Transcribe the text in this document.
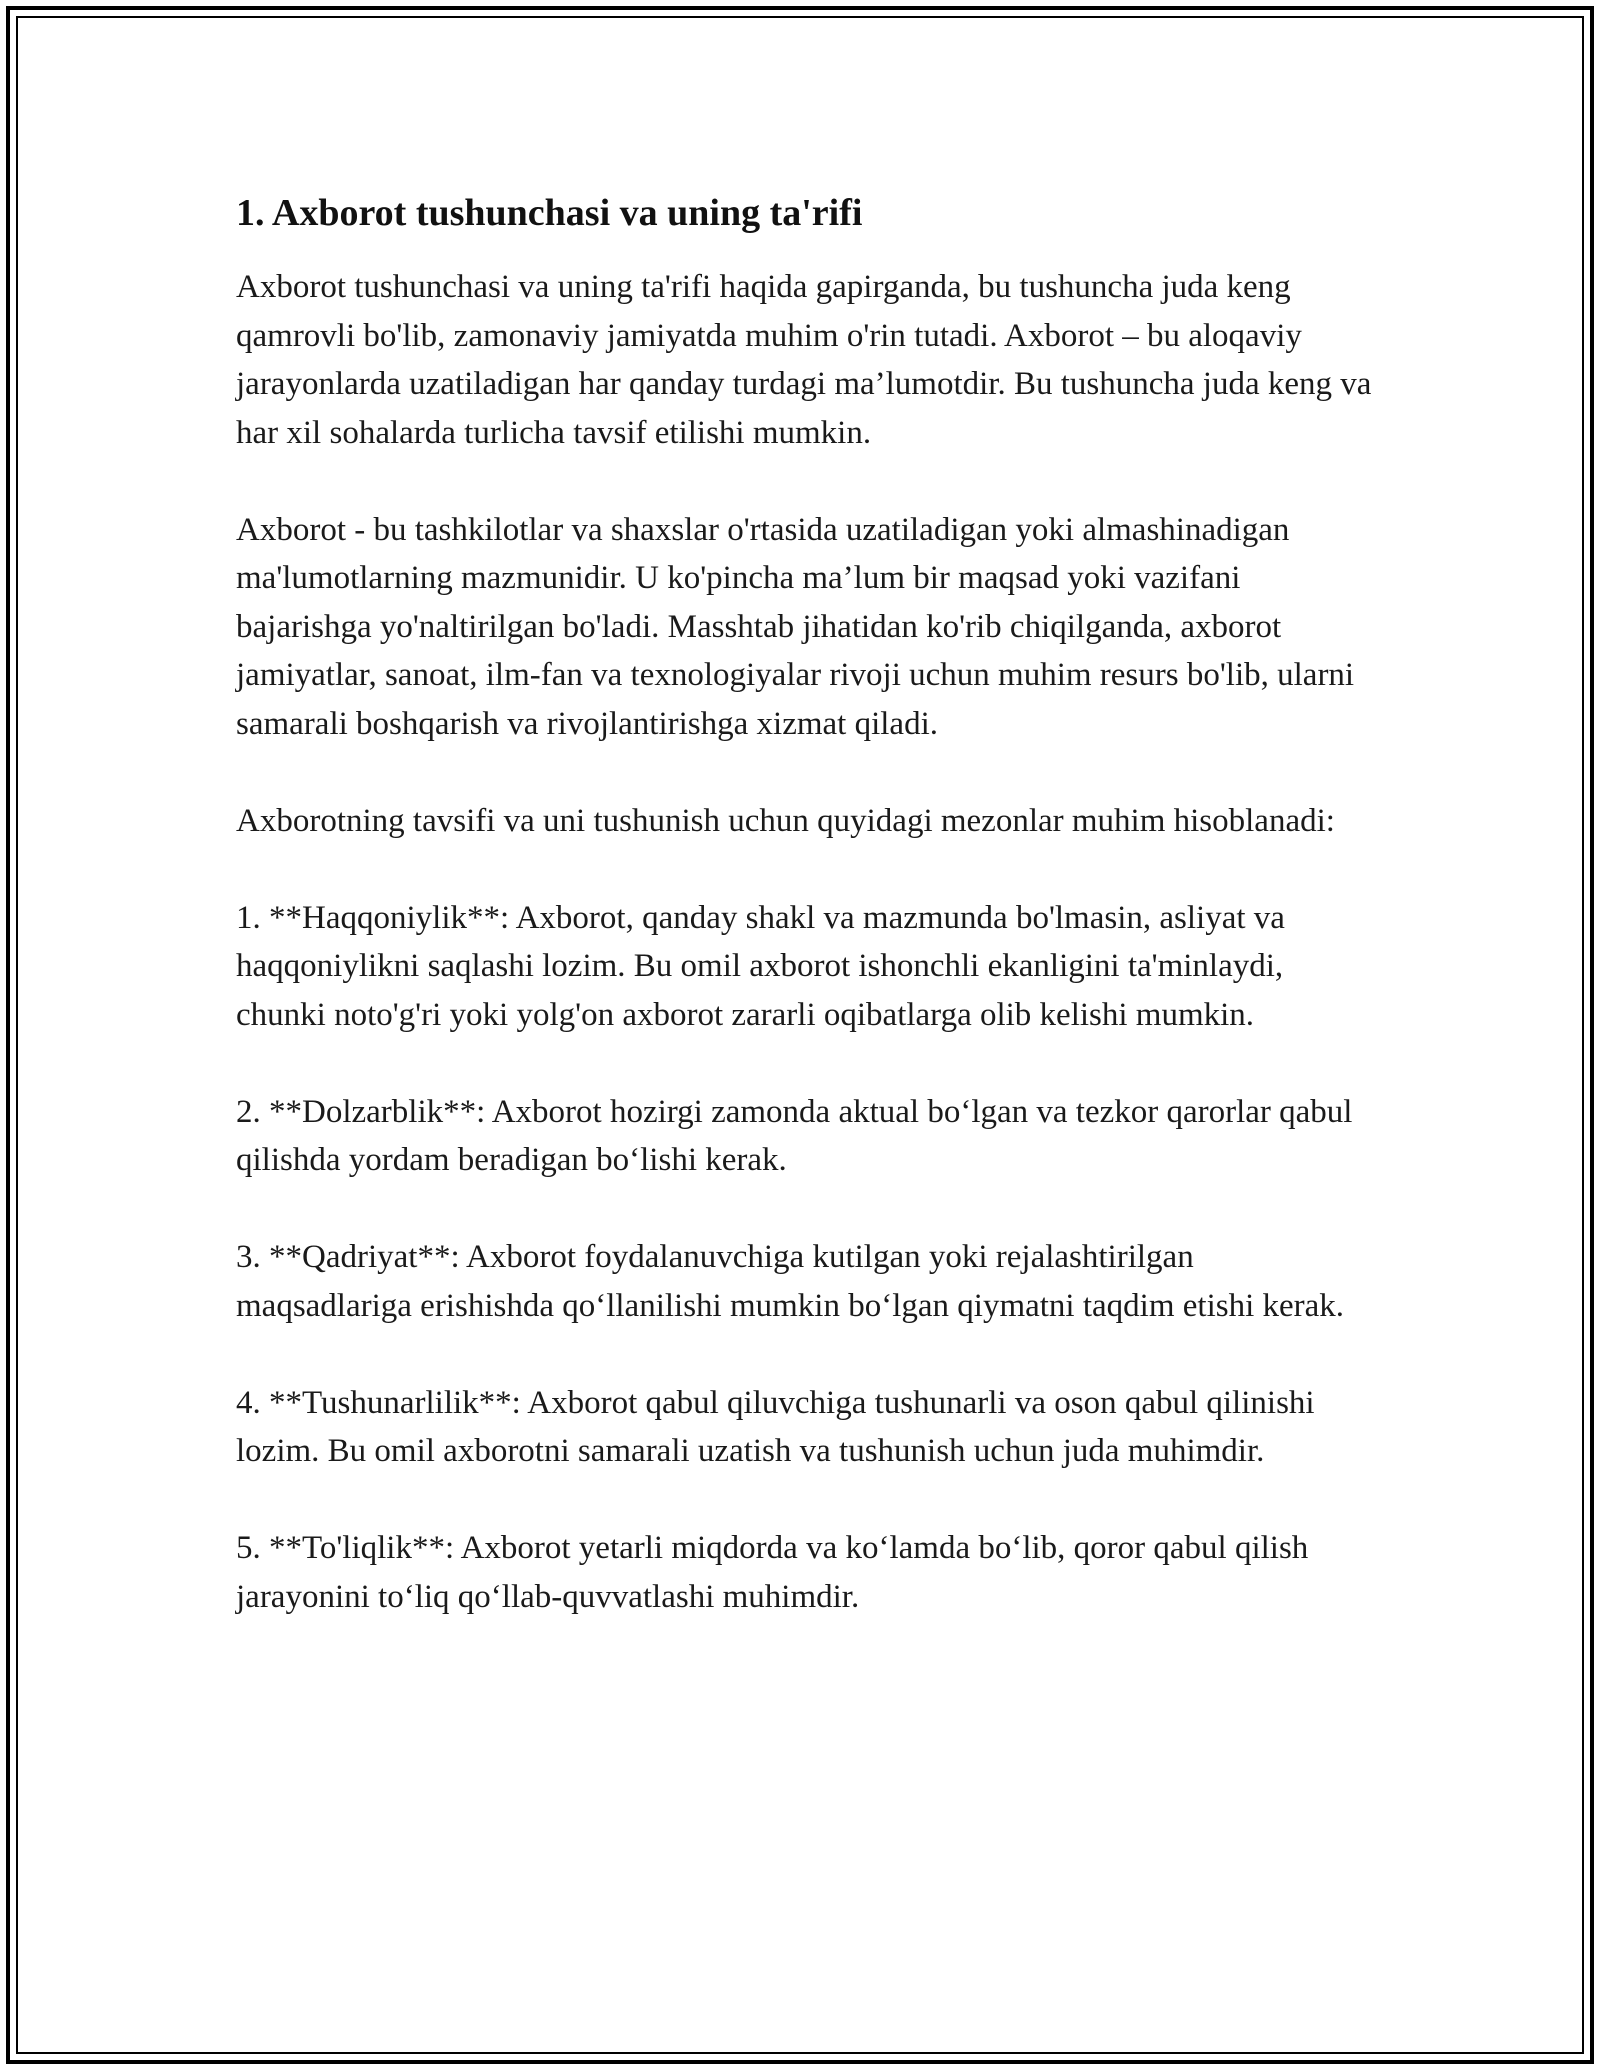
1. Axborot tushunchasi va uning ta'rifi

Axborot tushunchasi va uning ta'rifi haqida gapirganda, bu tushuncha juda keng qamrovli bo'lib, zamonaviy jamiyatda muhim o'rin tutadi. Axborot – bu aloqaviy jarayonlarda uzatiladigan har qanday turdagi ma’lumotdir. Bu tushuncha juda keng va har xil sohalarda turlicha tavsif etilishi mumkin.

Axborot - bu tashkilotlar va shaxslar o'rtasida uzatiladigan yoki almashinadigan ma'lumotlarning mazmunidir. U ko'pincha ma’lum bir maqsad yoki vazifani bajarishga yo'naltirilgan bo'ladi. Masshtab jihatidan ko'rib chiqilganda, axborot jamiyatlar, sanoat, ilm-fan va texnologiyalar rivoji uchun muhim resurs bo'lib, ularni samarali boshqarish va rivojlantirishga xizmat qiladi.

Axborotning tavsifi va uni tushunish uchun quyidagi mezonlar muhim hisoblanadi:

1. **Haqqoniylik**: Axborot, qanday shakl va mazmunda bo'lmasin, asliyat va haqqoniylikni saqlashi lozim. Bu omil axborot ishonchli ekanligini ta'minlaydi, chunki noto'g'ri yoki yolg'on axborot zararli oqibatlarga olib kelishi mumkin.

2. **Dolzarblik**: Axborot hozirgi zamonda aktual bo‘lgan va tezkor qarorlar qabul qilishda yordam beradigan bo‘lishi kerak.

3. **Qadriyat**: Axborot foydalanuvchiga kutilgan yoki rejalashtirilgan maqsadlariga erishishda qo‘llanilishi mumkin bo‘lgan qiymatni taqdim etishi kerak.

4. **Tushunarlilik**: Axborot qabul qiluvchiga tushunarli va oson qabul qilinishi lozim. Bu omil axborotni samarali uzatish va tushunish uchun juda muhimdir.

5. **To'liqlik**: Axborot yetarli miqdorda va ko‘lamda bo‘lib, qoror qabul qilish jarayonini to‘liq qo‘llab-quvvatlashi muhimdir.
